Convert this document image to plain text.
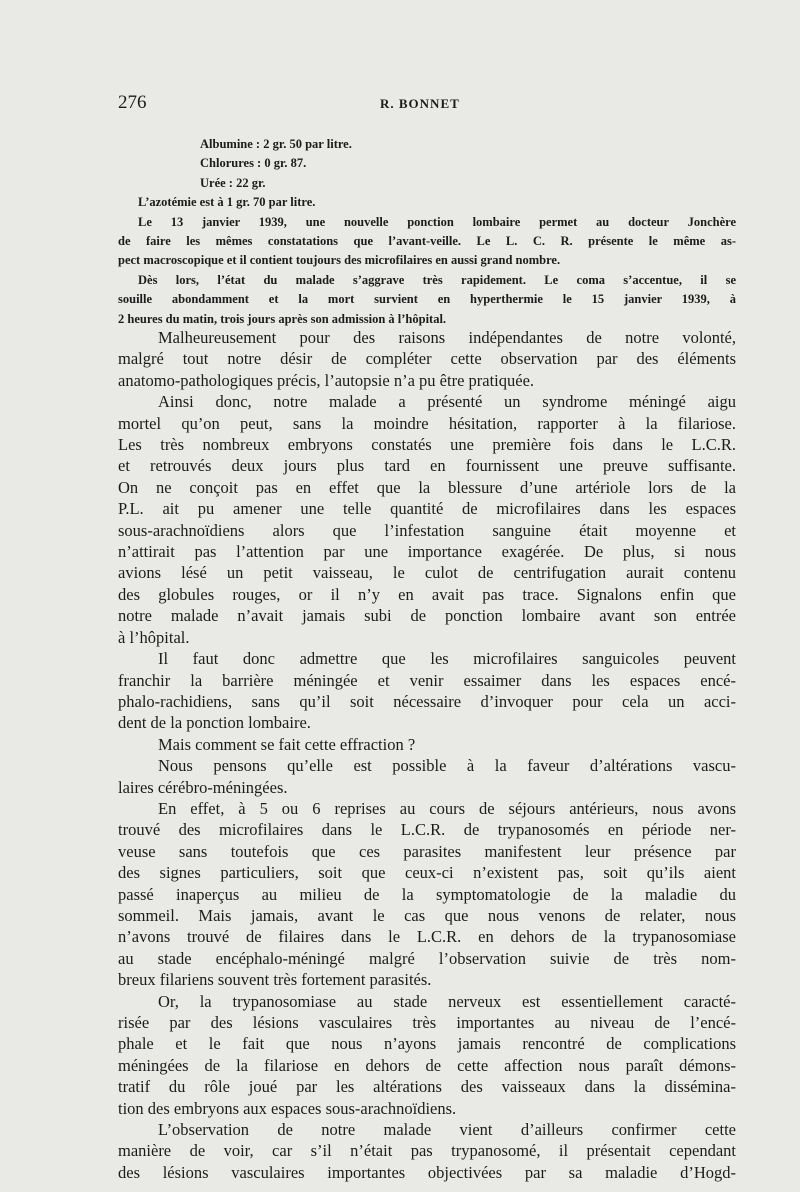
276	R. BONNET
Albumine : 2 gr. 50 par litre.
Chlorures : 0 gr. 87.
Urée : 22 gr.
L’azotémie est à 1 gr. 70 par litre.
Le 13 janvier 1939, une nouvelle ponction lombaire permet au docteur Jonchère
de faire les mêmes constatations que l’avant-veille. Le L. C. R. présente le même as-
pect macroscopique et il contient toujours des microfilaires en aussi grand nombre.
Dès lors, l’état du malade s’aggrave très rapidement. Le coma s’accentue, il se
souille abondamment et la mort survient en hyperthermie le 15 janvier 1939, à
2 heures du matin, trois jours après son admission à l’hôpital.
Malheureusement pour des raisons indépendantes de notre volonté,
malgré tout notre désir de compléter cette observation par des éléments
anatomo-pathologiques précis, l’autopsie n’a pu être pratiquée.
Ainsi donc, notre malade a présenté un syndrome méningé aigu
mortel qu’on peut, sans la moindre hésitation, rapporter à la filariose.
Les très nombreux embryons constatés une première fois dans le L.C.R.
et retrouvés deux jours plus tard en fournissent une preuve suffisante.
On ne conçoit pas en effet que la blessure d’une artériole lors de la
P.L. ait pu amener une telle quantité de microfilaires dans les espaces
sous-arachnoïdiens alors que l’infestation sanguine était moyenne et
n’attirait pas l’attention par une importance exagérée. De plus, si nous
avions lésé un petit vaisseau, le culot de centrifugation aurait contenu
des globules rouges, or il n’y en avait pas trace. Signalons enfin que
notre malade n’avait jamais subi de ponction lombaire avant son entrée
à l’hôpital.
Il faut donc admettre que les microfilaires sanguicoles peuvent
franchir la barrière méningée et venir essaimer dans les espaces encé-
phalo-rachidiens, sans qu’il soit nécessaire d’invoquer pour cela un acci-
dent de la ponction lombaire.
Mais comment se fait cette effraction ?
Nous pensons qu’elle est possible à la faveur d’altérations vascu-
laires cérébro-méningées.
En effet, à 5 ou 6 reprises au cours de séjours antérieurs, nous avons
trouvé des microfilaires dans le L.C.R. de trypanosomés en période ner-
veuse sans toutefois que ces parasites manifestent leur présence par
des signes particuliers, soit que ceux-ci n’existent pas, soit qu’ils aient
passé inaperçus au milieu de la symptomatologie de la maladie du
sommeil. Mais jamais, avant le cas que nous venons de relater, nous
n’avons trouvé de filaires dans le L.C.R. en dehors de la trypanosomiase
au stade encéphalo-méningé malgré l’observation suivie de très nom-
breux filariens souvent très fortement parasités.
Or, la trypanosomiase au stade nerveux est essentiellement caracté-
risée par des lésions vasculaires très importantes au niveau de l’encé-
phale et le fait que nous n’ayons jamais rencontré de complications
méningées de la filariose en dehors de cette affection nous paraît démons-
tratif du rôle joué par les altérations des vaisseaux dans la dissémina-
tion des embryons aux espaces sous-arachnoïdiens.
L’observation de notre malade vient d’ailleurs confirmer cette
manière de voir, car s’il n’était pas trypanosomé, il présentait cependant
des lésions vasculaires importantes objectivées par sa maladie d’Hogd-
